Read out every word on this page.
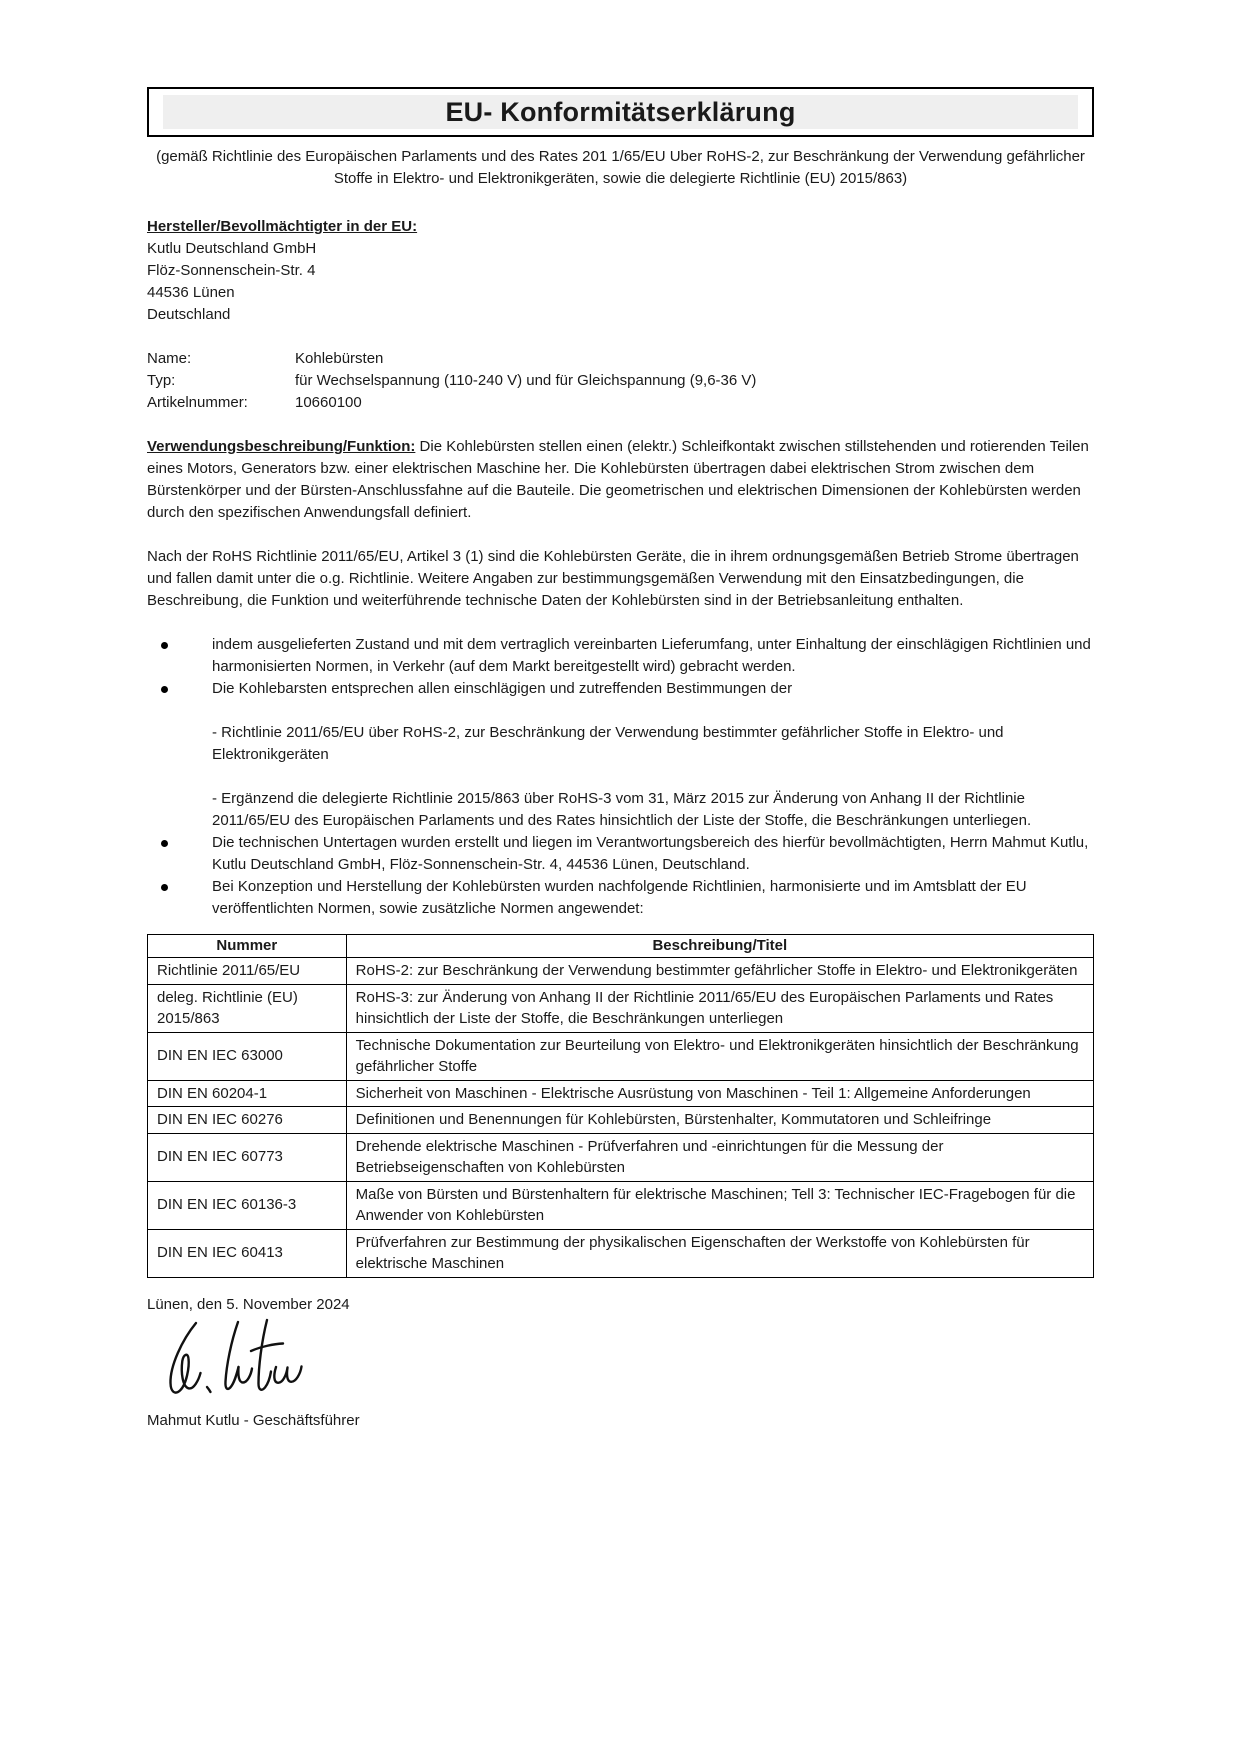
EU- Konformitätserklärung

(gemäß Richtlinie des Europäischen Parlaments und des Rates 201 1/65/EU Uber RoHS-2, zur Beschränkung der Verwendung gefährlicher Stoffe in Elektro- und Elektronikgeräten, sowie die delegierte Richtlinie (EU) 2015/863)

Hersteller/Bevollmächtigter in der EU:

Kutlu Deutschland GmbH

Flöz-Sonnenschein-Str. 4

44536 Lünen

Deutschland

Name:	Kohlebürsten
Typ:	für Wechselspannung (110-240 V) und für Gleichspannung (9,6-36 V)
Artikelnummer:	10660100

Verwendungsbeschreibung/Funktion: Die Kohlebürsten stellen einen (elektr.) Schleifkontakt zwischen stillstehenden und rotierenden Teilen eines Motors, Generators bzw. einer elektrischen Maschine her. Die Kohlebürsten übertragen dabei elektrischen Strom zwischen dem Bürstenkörper und der Bürsten-Anschlussfahne auf die Bauteile. Die geometrischen und elektrischen Dimensionen der Kohlebürsten werden durch den spezifischen Anwendungsfall definiert.

Nach der RoHS Richtlinie 2011/65/EU, Artikel 3 (1) sind die Kohlebürsten Geräte, die in ihrem ordnungsgemäßen Betrieb Strome übertragen und fallen damit unter die o.g. Richtlinie. Weitere Angaben zur bestimmungsgemäßen Verwendung mit den Einsatzbedingungen, die Beschreibung, die Funktion und weiterführende technische Daten der Kohlebürsten sind in der Betriebsanleitung enthalten.

indem ausgelieferten Zustand und mit dem vertraglich vereinbarten Lieferumfang, unter Einhaltung der einschlägigen Richtlinien und harmonisierten Normen, in Verkehr (auf dem Markt bereitgestellt wird) gebracht werden.
Die Kohlebarsten entsprechen allen einschlägigen und zutreffenden Bestimmungen der
- Richtlinie 2011/65/EU über RoHS-2, zur Beschränkung der Verwendung bestimmter gefährlicher Stoffe in Elektro- und Elektronikgeräten
- Ergänzend die delegierte Richtlinie 2015/863 über RoHS-3 vom 31, März 2015 zur Änderung von Anhang II der Richtlinie 2011/65/EU des Europäischen Parlaments und des Rates hinsichtlich der Liste der Stoffe, die Beschränkungen unterliegen.
Die technischen Untertagen wurden erstellt und liegen im Verantwortungsbereich des hierfür bevollmächtigten, Herrn Mahmut Kutlu, Kutlu Deutschland GmbH, Flöz-Sonnenschein-Str. 4, 44536 Lünen, Deutschland.
Bei Konzeption und Herstellung der Kohlebürsten wurden nachfolgende Richtlinien, harmonisierte und im Amtsblatt der EU veröffentlichten Normen, sowie zusätzliche Normen angewendet:
Nummer	Beschreibung/Titel
Richtlinie 2011/65/EU	RoHS-2: zur Beschränkung der Verwendung bestimmter gefährlicher Stoffe in Elektro- und Elektronikgeräten
deleg. Richtlinie (EU) 2015/863	RoHS-3: zur Änderung von Anhang II der Richtlinie 2011/65/EU des Europäischen Parlaments und Rates hinsichtlich der Liste der Stoffe, die Beschränkungen unterliegen
DIN EN IEC 63000	Technische Dokumentation zur Beurteilung von Elektro- und Elektronikgeräten hinsichtlich der Beschränkung gefährlicher Stoffe
DIN EN 60204-1	Sicherheit von Maschinen - Elektrische Ausrüstung von Maschinen - Teil 1: Allgemeine Anforderungen
DIN EN IEC 60276	Definitionen und Benennungen für Kohlebürsten, Bürstenhalter, Kommutatoren und Schleifringe
DIN EN IEC 60773	Drehende elektrische Maschinen - Prüfverfahren und -einrichtungen für die Messung der Betriebseigenschaften von Kohlebürsten
DIN EN IEC 60136-3	Maße von Bürsten und Bürstenhaltern für elektrische Maschinen; Tell 3: Technischer IEC-Fragebogen für die Anwender von Kohlebürsten
DIN EN IEC 60413	Prüfverfahren zur Bestimmung der physikalischen Eigenschaften der Werkstoffe von Kohlebürsten für elektrische Maschinen

Lünen, den 5. November 2024

Mahmut Kutlu - Geschäftsführer
